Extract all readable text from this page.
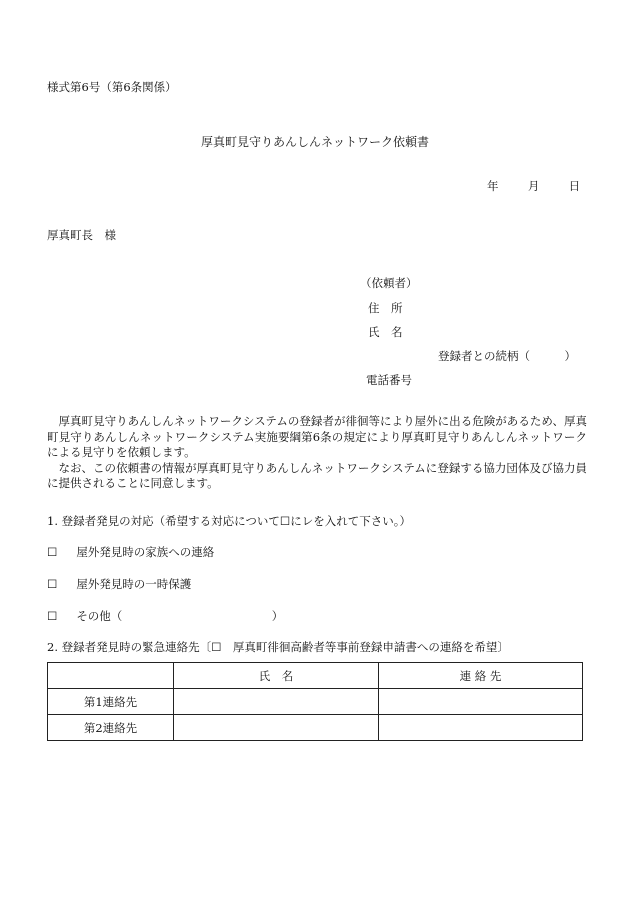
様式第6号（第6条関係）
厚真町見守りあんしんネットワーク依頼書
年	月	日
厚真町長　様
（依頼者）
住　所
氏　名
登録者との続柄（　　　）
電話番号

厚真町見守りあんしんネットワークシステムの登録者が徘徊等により屋外に出る危険があるため、厚真町見守りあんしんネットワークシステム実施要綱第6条の規定により厚真町見守りあんしんネットワークによる見守りを依頼します。

なお、この依頼書の情報が厚真町見守りあんしんネットワークシステムに登録する協力団体及び協力員に提供されることに同意します。

1. 登録者発見の対応（希望する対応について☐にレを入れて下さい。）
☐ 屋外発見時の家族への連絡
☐ 屋外発見時の一時保護
☐ その他（　　　　　　　　　　　　　）
2. 登録者発見時の緊急連絡先〔☐　厚真町徘徊高齢者等事前登録申請書への連絡を希望〕
	氏　名	連 絡 先
第1連絡先		
第2連絡先		
